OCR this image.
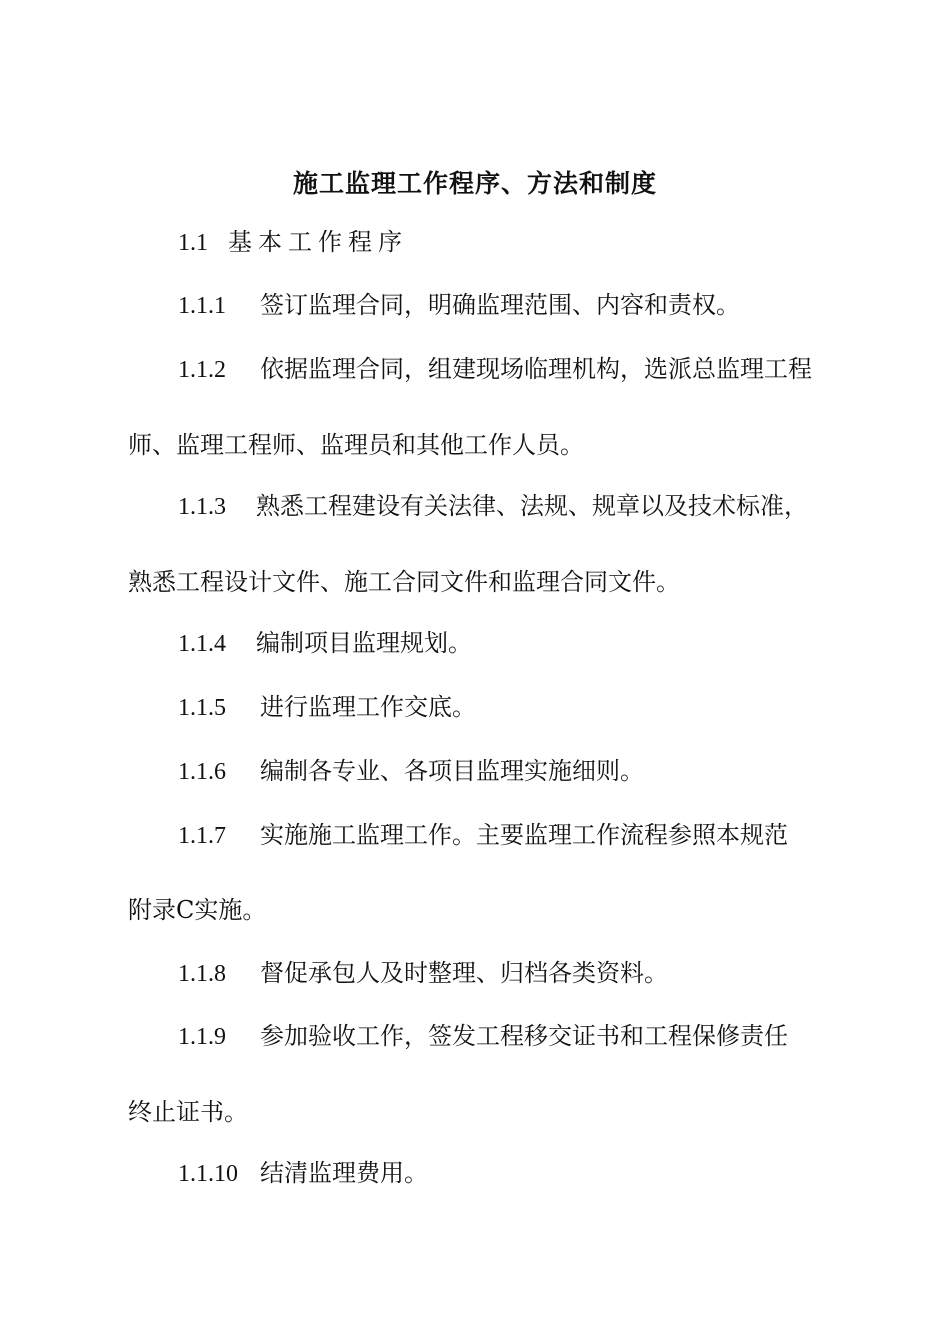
施工监理工作程序、方法和制度
1.1 基本工作程序
1.1.1 签订监理合同，明确监理范围、内容和责权。
1.1.2 依据监理合同，组建现场临理机构，选派总监理工程
师、监理工程师、监理员和其他工作人员。
1.1.3 熟悉工程建设有关法律、法规、规章以及技术标准，
熟悉工程设计文件、施工合同文件和监理合同文件。
1.1.4 编制项目监理规划。
1.1.5 进行监理工作交底。
1.1.6 编制各专业、各项目监理实施细则。
1.1.7 实施施工监理工作。主要监理工作流程参照本规范
附录C实施。
1.1.8 督促承包人及时整理、归档各类资料。
1.1.9 参加验收工作，签发工程移交证书和工程保修责任
终止证书。
1.1.10 结清监理费用。
